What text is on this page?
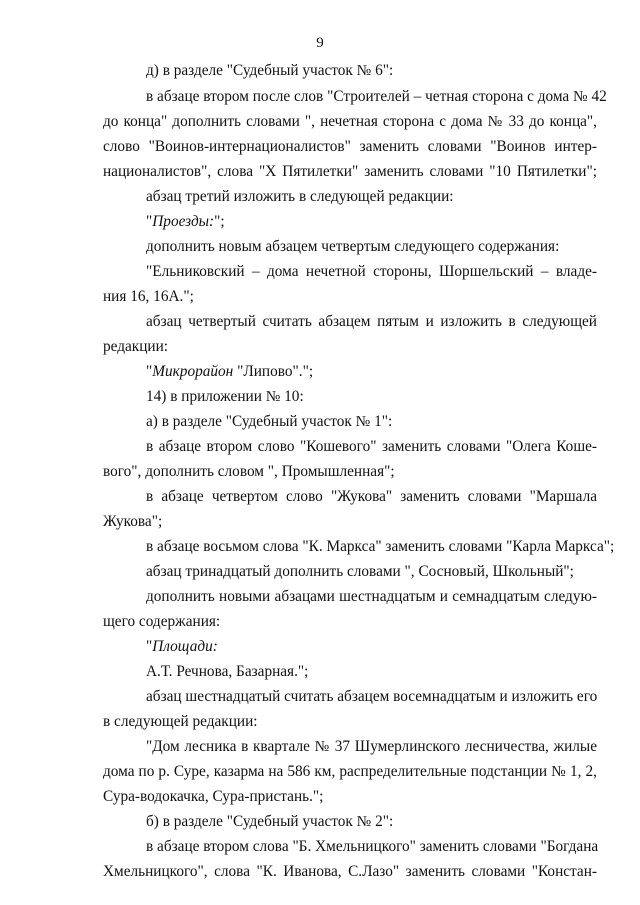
9
д) в разделе "Судебный участок № 6":
в абзаце втором после слов "Строителей – четная сторона с дома № 42
до конца" дополнить словами ", нечетная сторона с дома № 33 до конца",
слово "Воинов-интернационалистов" заменить словами "Воинов интер-
националистов", слова "Х Пятилетки" заменить словами "10 Пятилетки";
абзац третий изложить в следующей редакции:
"Проезды:";
дополнить новым абзацем четвертым следующего содержания:
"Ельниковский – дома нечетной стороны, Шоршельский – владе-
ния 16, 16А.";
абзац четвертый считать абзацем пятым и изложить в следующей
редакции:
"Микрорайон "Липово".";
14) в приложении № 10:
а) в разделе "Судебный участок № 1":
в абзаце втором слово "Кошевого" заменить словами "Олега Коше-
вого", дополнить словом ", Промышленная";
в абзаце четвертом слово "Жукова" заменить словами "Маршала
Жукова";
в абзаце восьмом слова "К. Маркса" заменить словами "Карла Маркса";
абзац тринадцатый дополнить словами ", Сосновый, Школьный";
дополнить новыми абзацами шестнадцатым и семнадцатым следую-
щего содержания:
"Площади:
А.Т. Речнова, Базарная.";
абзац шестнадцатый считать абзацем восемнадцатым и изложить его
в следующей редакции:
"Дом лесника в квартале № 37 Шумерлинского лесничества, жилые
дома по р. Суре, казарма на 586 км, распределительные подстанции № 1, 2,
Сура-водокачка, Сура-пристань.";
б) в разделе "Судебный участок № 2":
в абзаце втором слова "Б. Хмельницкого" заменить словами "Богдана
Хмельницкого", слова "К. Иванова, С.Лазо" заменить словами "Констан-
